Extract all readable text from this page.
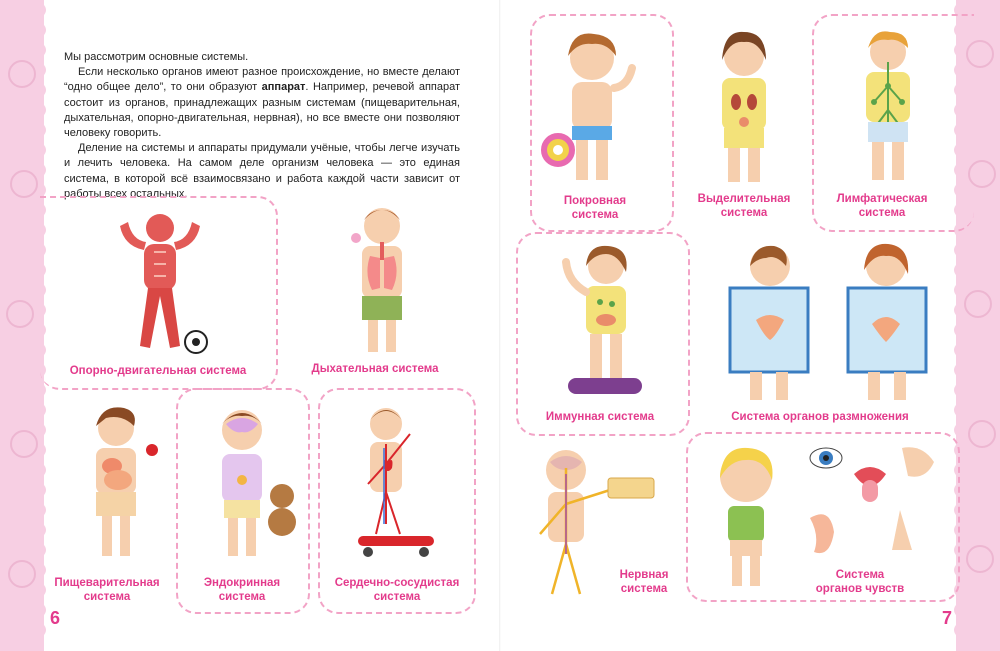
Мы рассмотрим основные системы.

Если несколько органов имеют разное происхождение, но вместе делают “одно общее дело”, то они образуют аппарат. Например, речевой аппарат состоит из органов, принадлежащих разным системам (пищеварительная, дыхательная, опорно-двигательная, нервная), но все вместе они позволяют человеку говорить.

Деление на системы и аппараты придумали учёные, чтобы легче изучать и лечить человека. На самом деле организм человека — это единая система, в которой всё взаимосвязано и работа каждой части зависит от работы всех остальных.

Опорно-двигательная система	Дыхательная система
Пищеварительная
система
Эндокринная
система
Сердечно-сосудистая
система
6
Покровная
система
Выделительная
система
Лимфатическая
система
Иммунная система	Система органов размножения
Нервная
система
Система
органов чувств
7
